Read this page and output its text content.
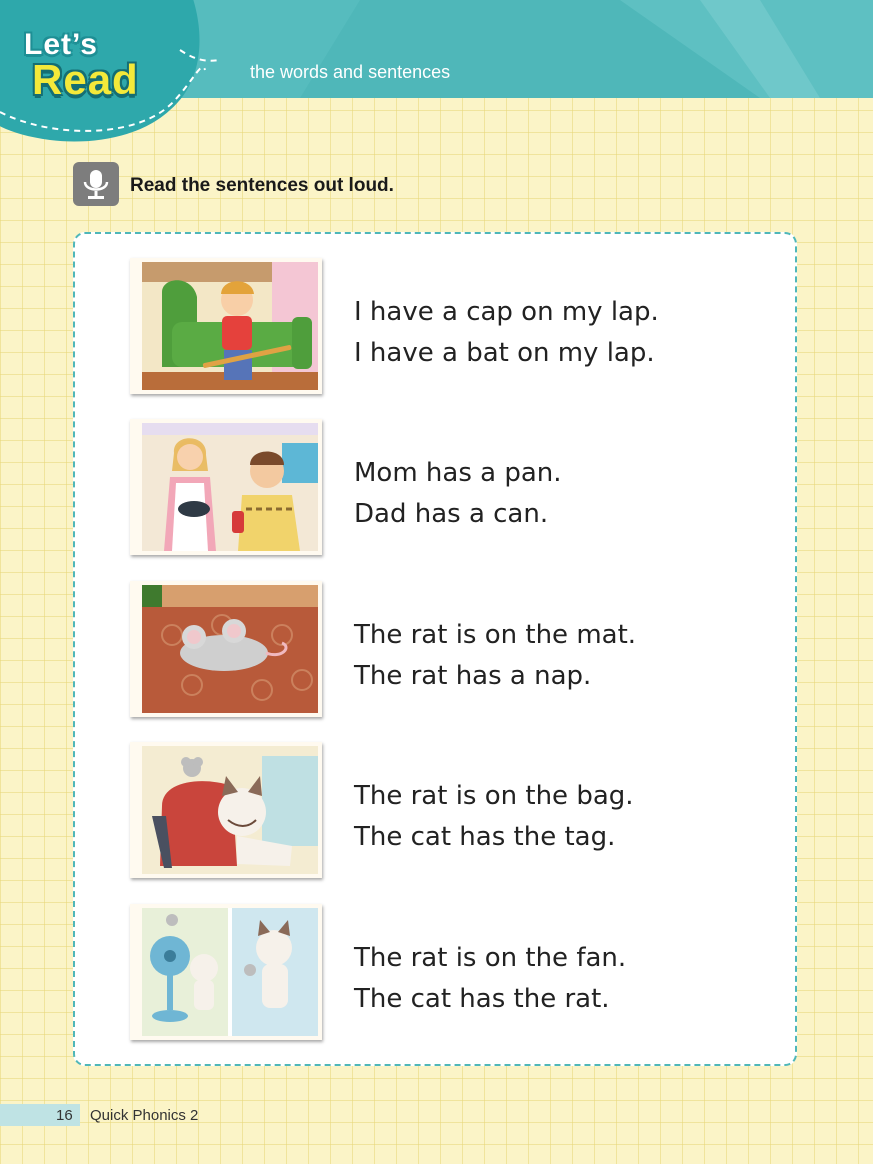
the words and sentences
Let’s
Read
Read the sentences out loud.
I have a cap on my lap.
I have a bat on my lap.
Mom has a pan.
Dad has a can.
The rat is on the mat.
The rat has a nap.
The rat is on the bag.
The cat has the tag.
The rat is on the fan.
The cat has the rat.
16 Quick Phonics 2
